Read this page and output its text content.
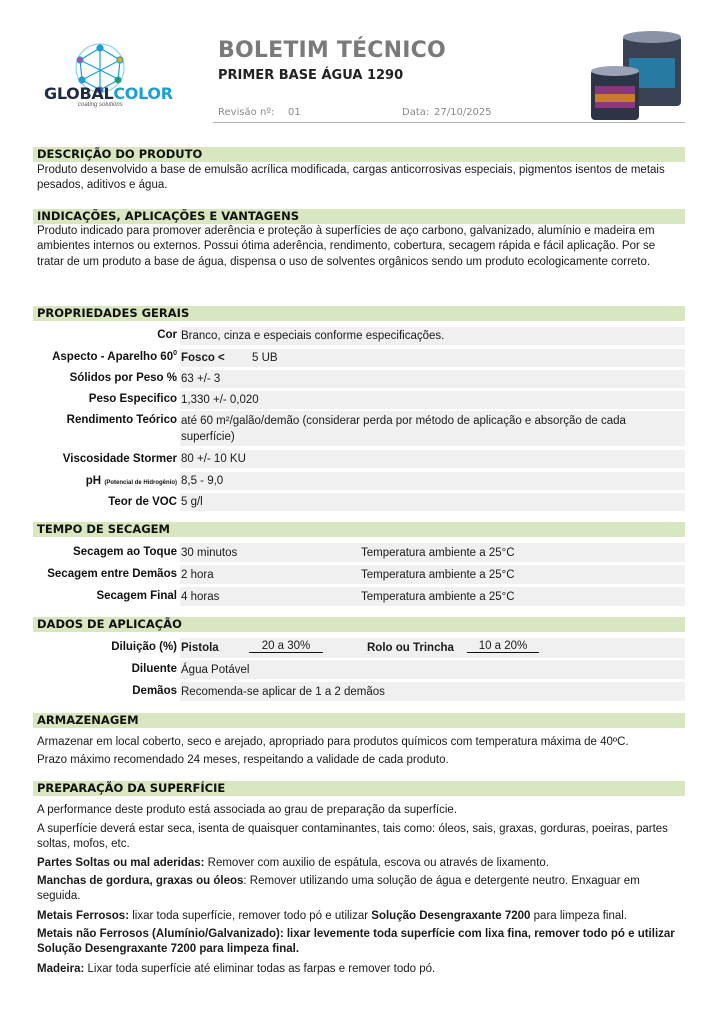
GLOBALCOLOR
coating solutions
BOLETIM TÉCNICO
PRIMER BASE ÁGUA 1290
Revisão nº: 01	Data: 27/10/2025
DESCRIÇÃO DO PRODUTO
Produto desenvolvido a base de emulsão acrílica modificada, cargas anticorrosivas especiais, pigmentos isentos de metais pesados, aditivos e água.
INDICAÇÕES, APLICAÇÕES E VANTAGENS
Produto indicado para promover aderência e proteção à superfícies de aço carbono, galvanizado, alumínio e madeira em ambientes internos ou externos. Possui ótima aderência, rendimento, cobertura, secagem rápida e fácil aplicação. Por se tratar de um produto a base de água, dispensa o uso de solventes orgânicos sendo um produto ecologicamente correto.
PROPRIEDADES GERAIS
Cor Branco, cinza e especiais conforme especificações.
Aspecto - Aparelho $60^0$ Fosco < 5 UB
Sólidos por Peso % 63 +/- 3
Peso Especifico 1,330 +/- 0,020
Rendimento Teórico até 60 m²/galão/demão (considerar perda por método de aplicação e absorção de cada superfície)
Viscosidade Stormer 80 +/- 10 KU
pH (Potencial de Hidrogênio) 8,5 - 9,0
Teor de VOC 5 g/l
TEMPO DE SECAGEM
Secagem ao Toque 30 minutos	Temperatura ambiente a 25°C
Secagem entre Demãos 2 hora	Temperatura ambiente a 25°C
Secagem Final 4 horas	Temperatura ambiente a 25°C
DADOS DE APLICAÇÃO
Diluição (%) Pistola	20 a 30%	Rolo ou Trincha	10 a 20%
Diluente Água Potável
Demãos Recomenda-se aplicar de 1 a 2 demãos
ARMAZENAGEM
Armazenar em local coberto, seco e arejado, apropriado para produtos químicos com temperatura máxima de 40ºC.
Prazo máximo recomendado 24 meses, respeitando a validade de cada produto.
PREPARAÇÃO DA SUPERFÍCIE
A performance deste produto está associada ao grau de preparação da superfície.
A superfície deverá estar seca, isenta de quaisquer contaminantes, tais como: óleos, sais, graxas, gorduras, poeiras, partes soltas, mofos, etc.
Partes Soltas ou mal aderidas: Remover com auxilio de espátula, escova ou através de lixamento.
Manchas de gordura, graxas ou óleos: Remover utilizando uma solução de água e detergente neutro. Enxaguar em seguida.
Metais Ferrosos: lixar toda superfície, remover todo pó e utilizar Solução Desengraxante 7200 para limpeza final.
Metais não Ferrosos (Alumínio/Galvanizado): lixar levemente toda superfície com lixa fina, remover todo pó e utilizar Solução Desengraxante 7200 para limpeza final.
Madeira: Lixar toda superfície até eliminar todas as farpas e remover todo pó.
